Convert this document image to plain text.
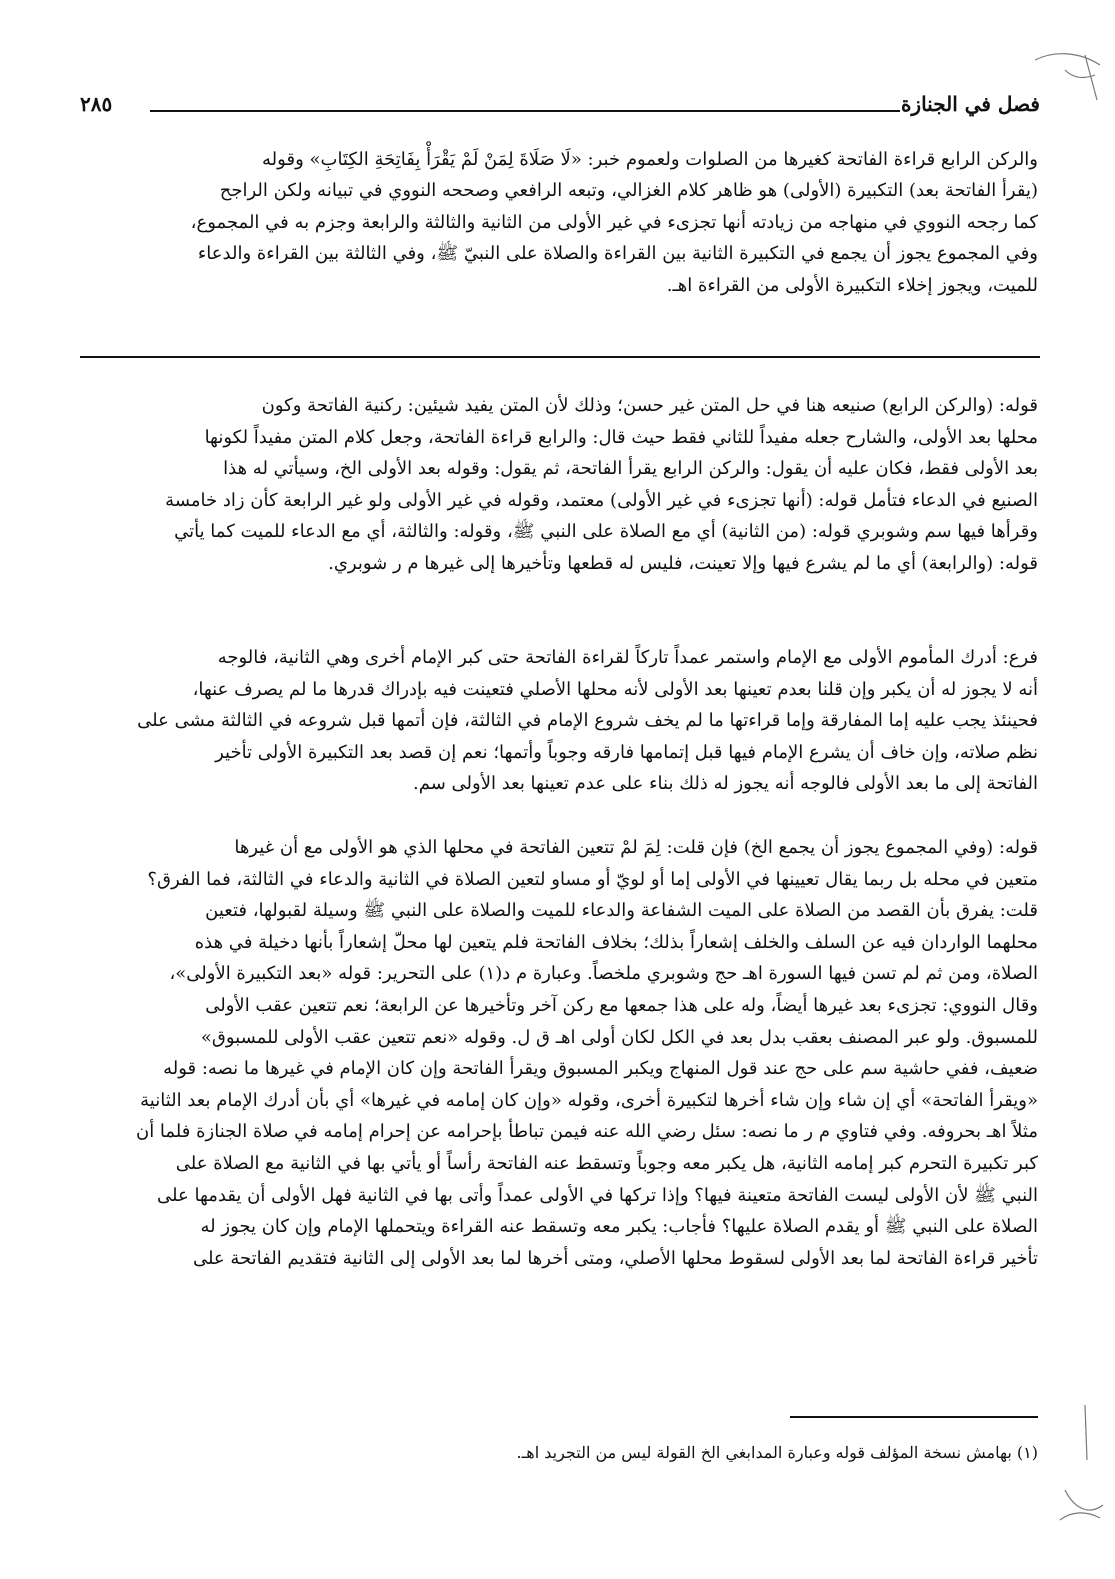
فصل في الجنازة
٢٨٥

والركن الرابع قراءة الفاتحة كغيرها من الصلوات ولعموم خبر: «لَا صَلَاةَ لِمَنْ لَمْ يَقْرَأْ بِفَاتِحَةِ الكِتَابِ» وقوله

(يقرأ الفاتحة بعد) التكبيرة (الأولى) هو ظاهر كلام الغزالي، وتبعه الرافعي وصححه النووي في تبيانه ولكن الراجح

كما رجحه النووي في منهاجه من زيادته أنها تجزىء في غير الأولى من الثانية والثالثة والرابعة وجزم به في المجموع،

وفي المجموع يجوز أن يجمع في التكبيرة الثانية بين القراءة والصلاة على النبيّ ﷺ، وفي الثالثة بين القراءة والدعاء

للميت، ويجوز إخلاء التكبيرة الأولى من القراءة اهـ.

قوله: (والركن الرابع) صنيعه هنا في حل المتن غير حسن؛ وذلك لأن المتن يفيد شيئين: ركنية الفاتحة وكون

محلها بعد الأولى، والشارح جعله مفيداً للثاني فقط حيث قال: والرابع قراءة الفاتحة، وجعل كلام المتن مفيداً لكونها

بعد الأولى فقط، فكان عليه أن يقول: والركن الرابع يقرأ الفاتحة، ثم يقول: وقوله بعد الأولى الخ، وسيأتي له هذا

الصنيع في الدعاء فتأمل قوله: (أنها تجزىء في غير الأولى) معتمد، وقوله في غير الأولى ولو غير الرابعة كأن زاد خامسة

وقرأها فيها سم وشوبري قوله: (من الثانية) أي مع الصلاة على النبي ﷺ، وقوله: والثالثة، أي مع الدعاء للميت كما يأتي

قوله: (والرابعة) أي ما لم يشرع فيها وإلا تعينت، فليس له قطعها وتأخيرها إلى غيرها م ر شوبري.

فرع: أدرك المأموم الأولى مع الإمام واستمر عمداً تاركاً لقراءة الفاتحة حتى كبر الإمام أخرى وهي الثانية، فالوجه

أنه لا يجوز له أن يكبر وإن قلنا بعدم تعينها بعد الأولى لأنه محلها الأصلي فتعينت فيه بإدراك قدرها ما لم يصرف عنها،

فحينئذ يجب عليه إما المفارقة وإما قراءتها ما لم يخف شروع الإمام في الثالثة، فإن أتمها قبل شروعه في الثالثة مشى على

نظم صلاته، وإن خاف أن يشرع الإمام فيها قبل إتمامها فارقه وجوباً وأتمها؛ نعم إن قصد بعد التكبيرة الأولى تأخير

الفاتحة إلى ما بعد الأولى فالوجه أنه يجوز له ذلك بناء على عدم تعينها بعد الأولى سم.

قوله: (وفي المجموع يجوز أن يجمع الخ) فإن قلت: لِمَ لمْ تتعين الفاتحة في محلها الذي هو الأولى مع أن غيرها

متعين في محله بل ربما يقال تعيينها في الأولى إما أو لويّ أو مساو لتعين الصلاة في الثانية والدعاء في الثالثة، فما الفرق؟

قلت: يفرق بأن القصد من الصلاة على الميت الشفاعة والدعاء للميت والصلاة على النبي ﷺ وسيلة لقبولها، فتعين

محلهما الواردان فيه عن السلف والخلف إشعاراً بذلك؛ بخلاف الفاتحة فلم يتعين لها محلّ إشعاراً بأنها دخيلة في هذه

الصلاة، ومن ثم لم تسن فيها السورة اهـ حج وشوبري ملخصاً. وعبارة م د(١) على التحرير: قوله «بعد التكبيرة الأولى»،

وقال النووي: تجزىء بعد غيرها أيضاً، وله على هذا جمعها مع ركن آخر وتأخيرها عن الرابعة؛ نعم تتعين عقب الأولى

للمسبوق. ولو عبر المصنف بعقب بدل بعد في الكل لكان أولى اهـ ق ل. وقوله «نعم تتعين عقب الأولى للمسبوق»

ضعيف، ففي حاشية سم على حج عند قول المنهاج ويكبر المسبوق ويقرأ الفاتحة وإن كان الإمام في غيرها ما نصه: قوله

«ويقرأ الفاتحة» أي إن شاء وإن شاء أخرها لتكبيرة أخرى، وقوله «وإن كان إمامه في غيرها» أي بأن أدرك الإمام بعد الثانية

مثلاً اهـ بحروفه. وفي فتاوي م ر ما نصه: سئل رضي الله عنه فيمن تباطأ بإحرامه عن إحرام إمامه في صلاة الجنازة فلما أن

كبر تكبيرة التحرم كبر إمامه الثانية، هل يكبر معه وجوباً وتسقط عنه الفاتحة رأساً أو يأتي بها في الثانية مع الصلاة على

النبي ﷺ لأن الأولى ليست الفاتحة متعينة فيها؟ وإذا تركها في الأولى عمداً وأتى بها في الثانية فهل الأولى أن يقدمها على

الصلاة على النبي ﷺ أو يقدم الصلاة عليها؟ فأجاب: يكبر معه وتسقط عنه القراءة ويتحملها الإمام وإن كان يجوز له

تأخير قراءة الفاتحة لما بعد الأولى لسقوط محلها الأصلي، ومتى أخرها لما بعد الأولى إلى الثانية فتقديم الفاتحة على

(١) بهامش نسخة المؤلف قوله وعبارة المدابغي الخ القولة ليس من التجريد اهـ.
